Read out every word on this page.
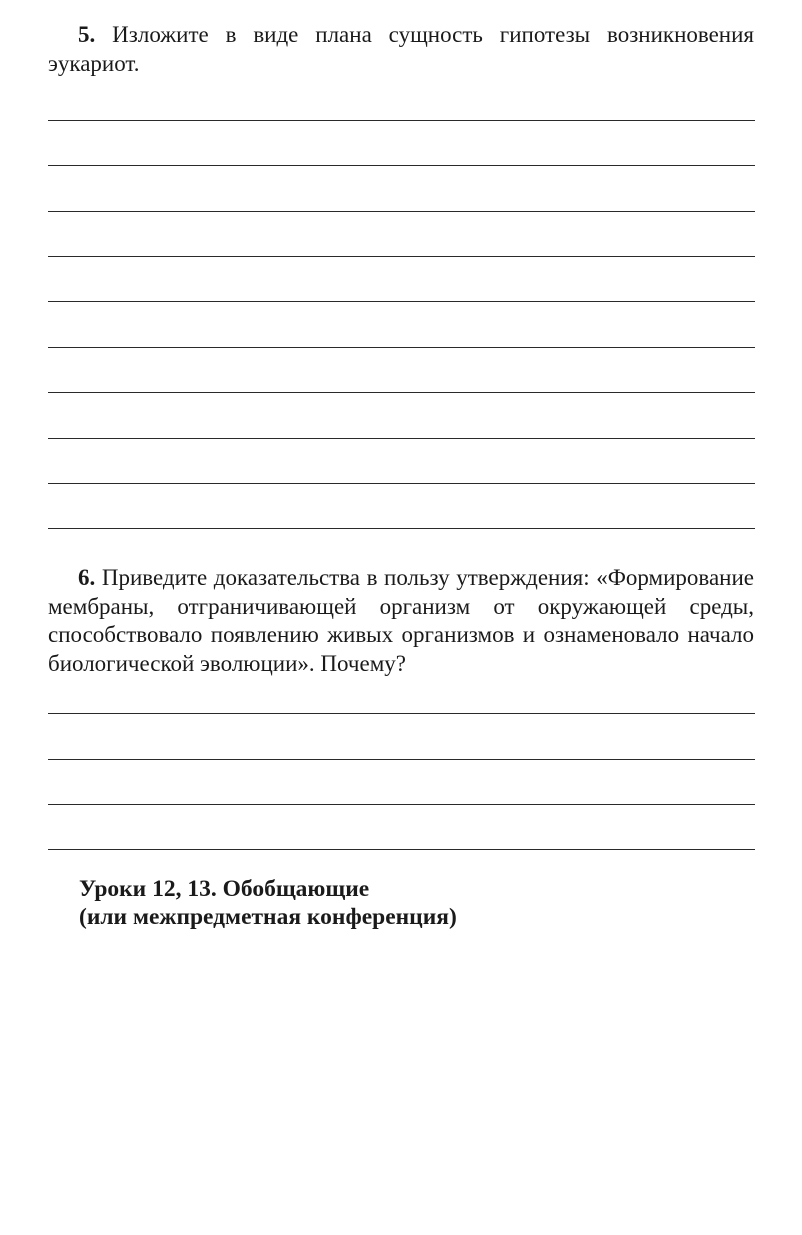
5. Изложите в виде плана сущность гипотезы возникновения эукариот.

6. Приведите доказательства в пользу утверждения: «Формирование мембраны, отграничивающей организм от окружающей среды, способствовало появлению живых организмов и ознаменовало начало биологической эволюции». Почему?

Уроки 12, 13. Обобщающие
(или межпредметная конференция)
